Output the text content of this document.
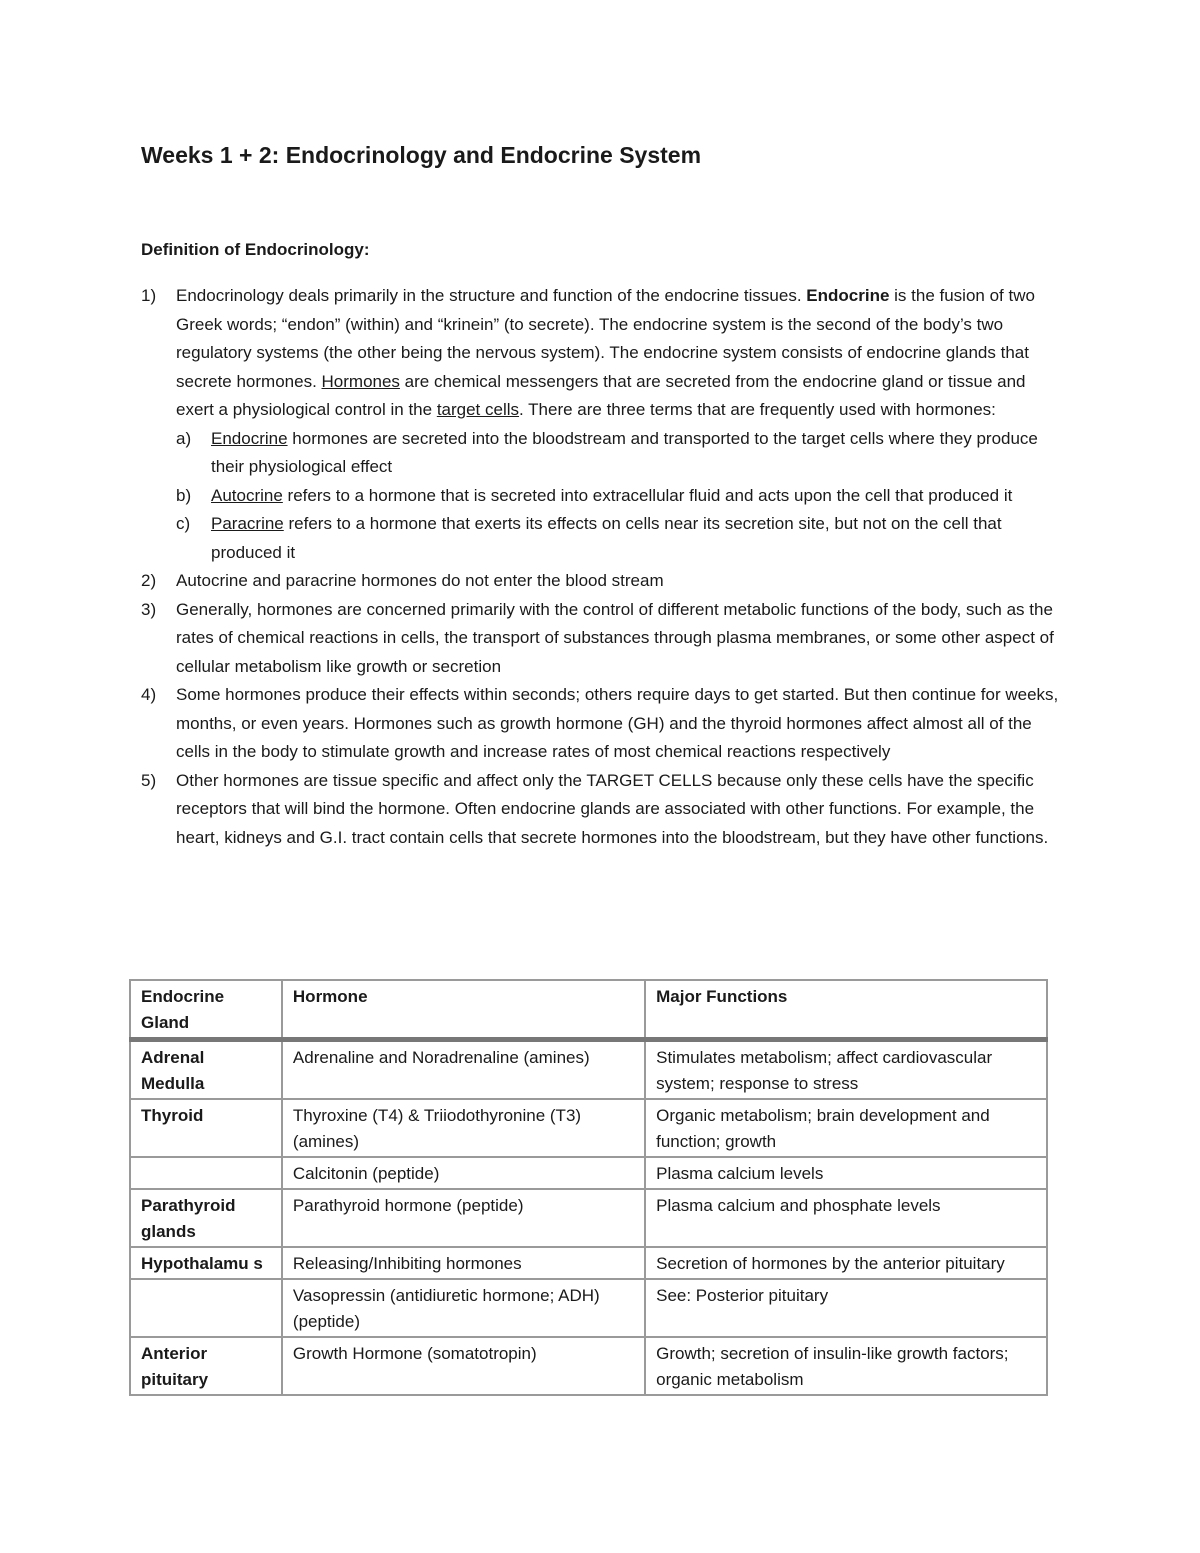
Weeks 1 + 2: Endocrinology and Endocrine System
Definition of Endocrinology:
1) Endocrinology deals primarily in the structure and function of the endocrine tissues. Endocrine is the fusion of two Greek words; “endon” (within) and “krinein” (to secrete). The endocrine system is the second of the body’s two regulatory systems (the other being the nervous system). The endocrine system consists of endocrine glands that secrete hormones. Hormones are chemical messengers that are secreted from the endocrine gland or tissue and exert a physiological control in the target cells. There are three terms that are frequently used with hormones:
a) Endocrine hormones are secreted into the bloodstream and transported to the target cells where they produce their physiological effect
b) Autocrine refers to a hormone that is secreted into extracellular fluid and acts upon the cell that produced it
c) Paracrine refers to a hormone that exerts its effects on cells near its secretion site, but not on the cell that produced it
2) Autocrine and paracrine hormones do not enter the blood stream
3) Generally, hormones are concerned primarily with the control of different metabolic functions of the body, such as the rates of chemical reactions in cells, the transport of substances through plasma membranes, or some other aspect of cellular metabolism like growth or secretion
4) Some hormones produce their effects within seconds; others require days to get started. But then continue for weeks, months, or even years. Hormones such as growth hormone (GH) and the thyroid hormones affect almost all of the cells in the body to stimulate growth and increase rates of most chemical reactions respectively
5) Other hormones are tissue specific and affect only the TARGET CELLS because only these cells have the specific receptors that will bind the hormone. Often endocrine glands are associated with other functions. For example, the heart, kidneys and G.I. tract contain cells that secrete hormones into the bloodstream, but they have other functions.
Endocrine Gland	Hormone	Major Functions
Adrenal Medulla	Adrenaline and Noradrenaline (amines)	Stimulates metabolism; affect cardiovascular system; response to stress
Thyroid	Thyroxine (T4) & Triiodothyronine (T3) (amines)	Organic metabolism; brain development and function; growth
	Calcitonin (peptide)	Plasma calcium levels
Parathyroid glands	Parathyroid hormone (peptide)	Plasma calcium and phosphate levels
Hypothalamu s	Releasing/Inhibiting hormones	Secretion of hormones by the anterior pituitary
	Vasopressin (antidiuretic hormone; ADH) (peptide)	See: Posterior pituitary
Anterior pituitary	Growth Hormone (somatotropin)	Growth; secretion of insulin-like growth factors; organic metabolism
